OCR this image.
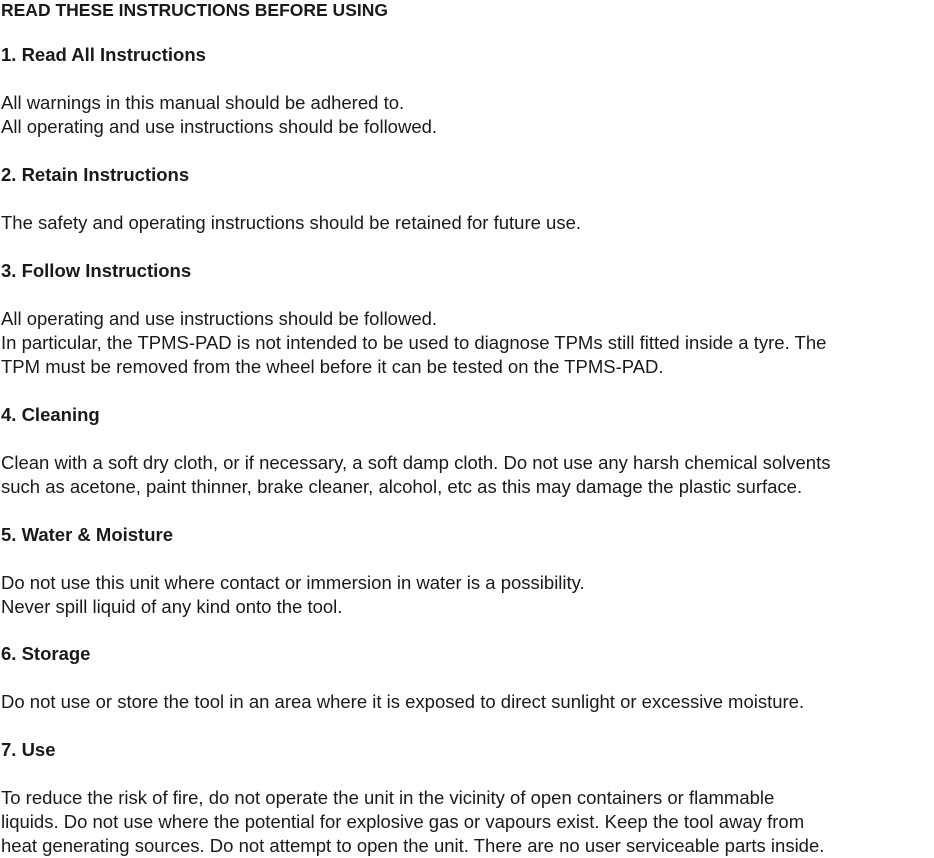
READ THESE INSTRUCTIONS BEFORE USING
1. Read All Instructions
All warnings in this manual should be adhered to.
All operating and use instructions should be followed.
2. Retain Instructions
The safety and operating instructions should be retained for future use.
3. Follow Instructions
All operating and use instructions should be followed.
In particular, the TPMS-PAD is not intended to be used to diagnose TPMs still fitted inside a tyre. The
TPM must be removed from the wheel before it can be tested on the TPMS-PAD.
4. Cleaning
Clean with a soft dry cloth, or if necessary, a soft damp cloth. Do not use any harsh chemical solvents
such as acetone, paint thinner, brake cleaner, alcohol, etc as this may damage the plastic surface.
5. Water & Moisture
Do not use this unit where contact or immersion in water is a possibility.
Never spill liquid of any kind onto the tool.
6. Storage
Do not use or store the tool in an area where it is exposed to direct sunlight or excessive moisture.
7. Use
To reduce the risk of fire, do not operate the unit in the vicinity of open containers or flammable
liquids. Do not use where the potential for explosive gas or vapours exist. Keep the tool away from
heat generating sources. Do not attempt to open the unit. There are no user serviceable parts inside.
